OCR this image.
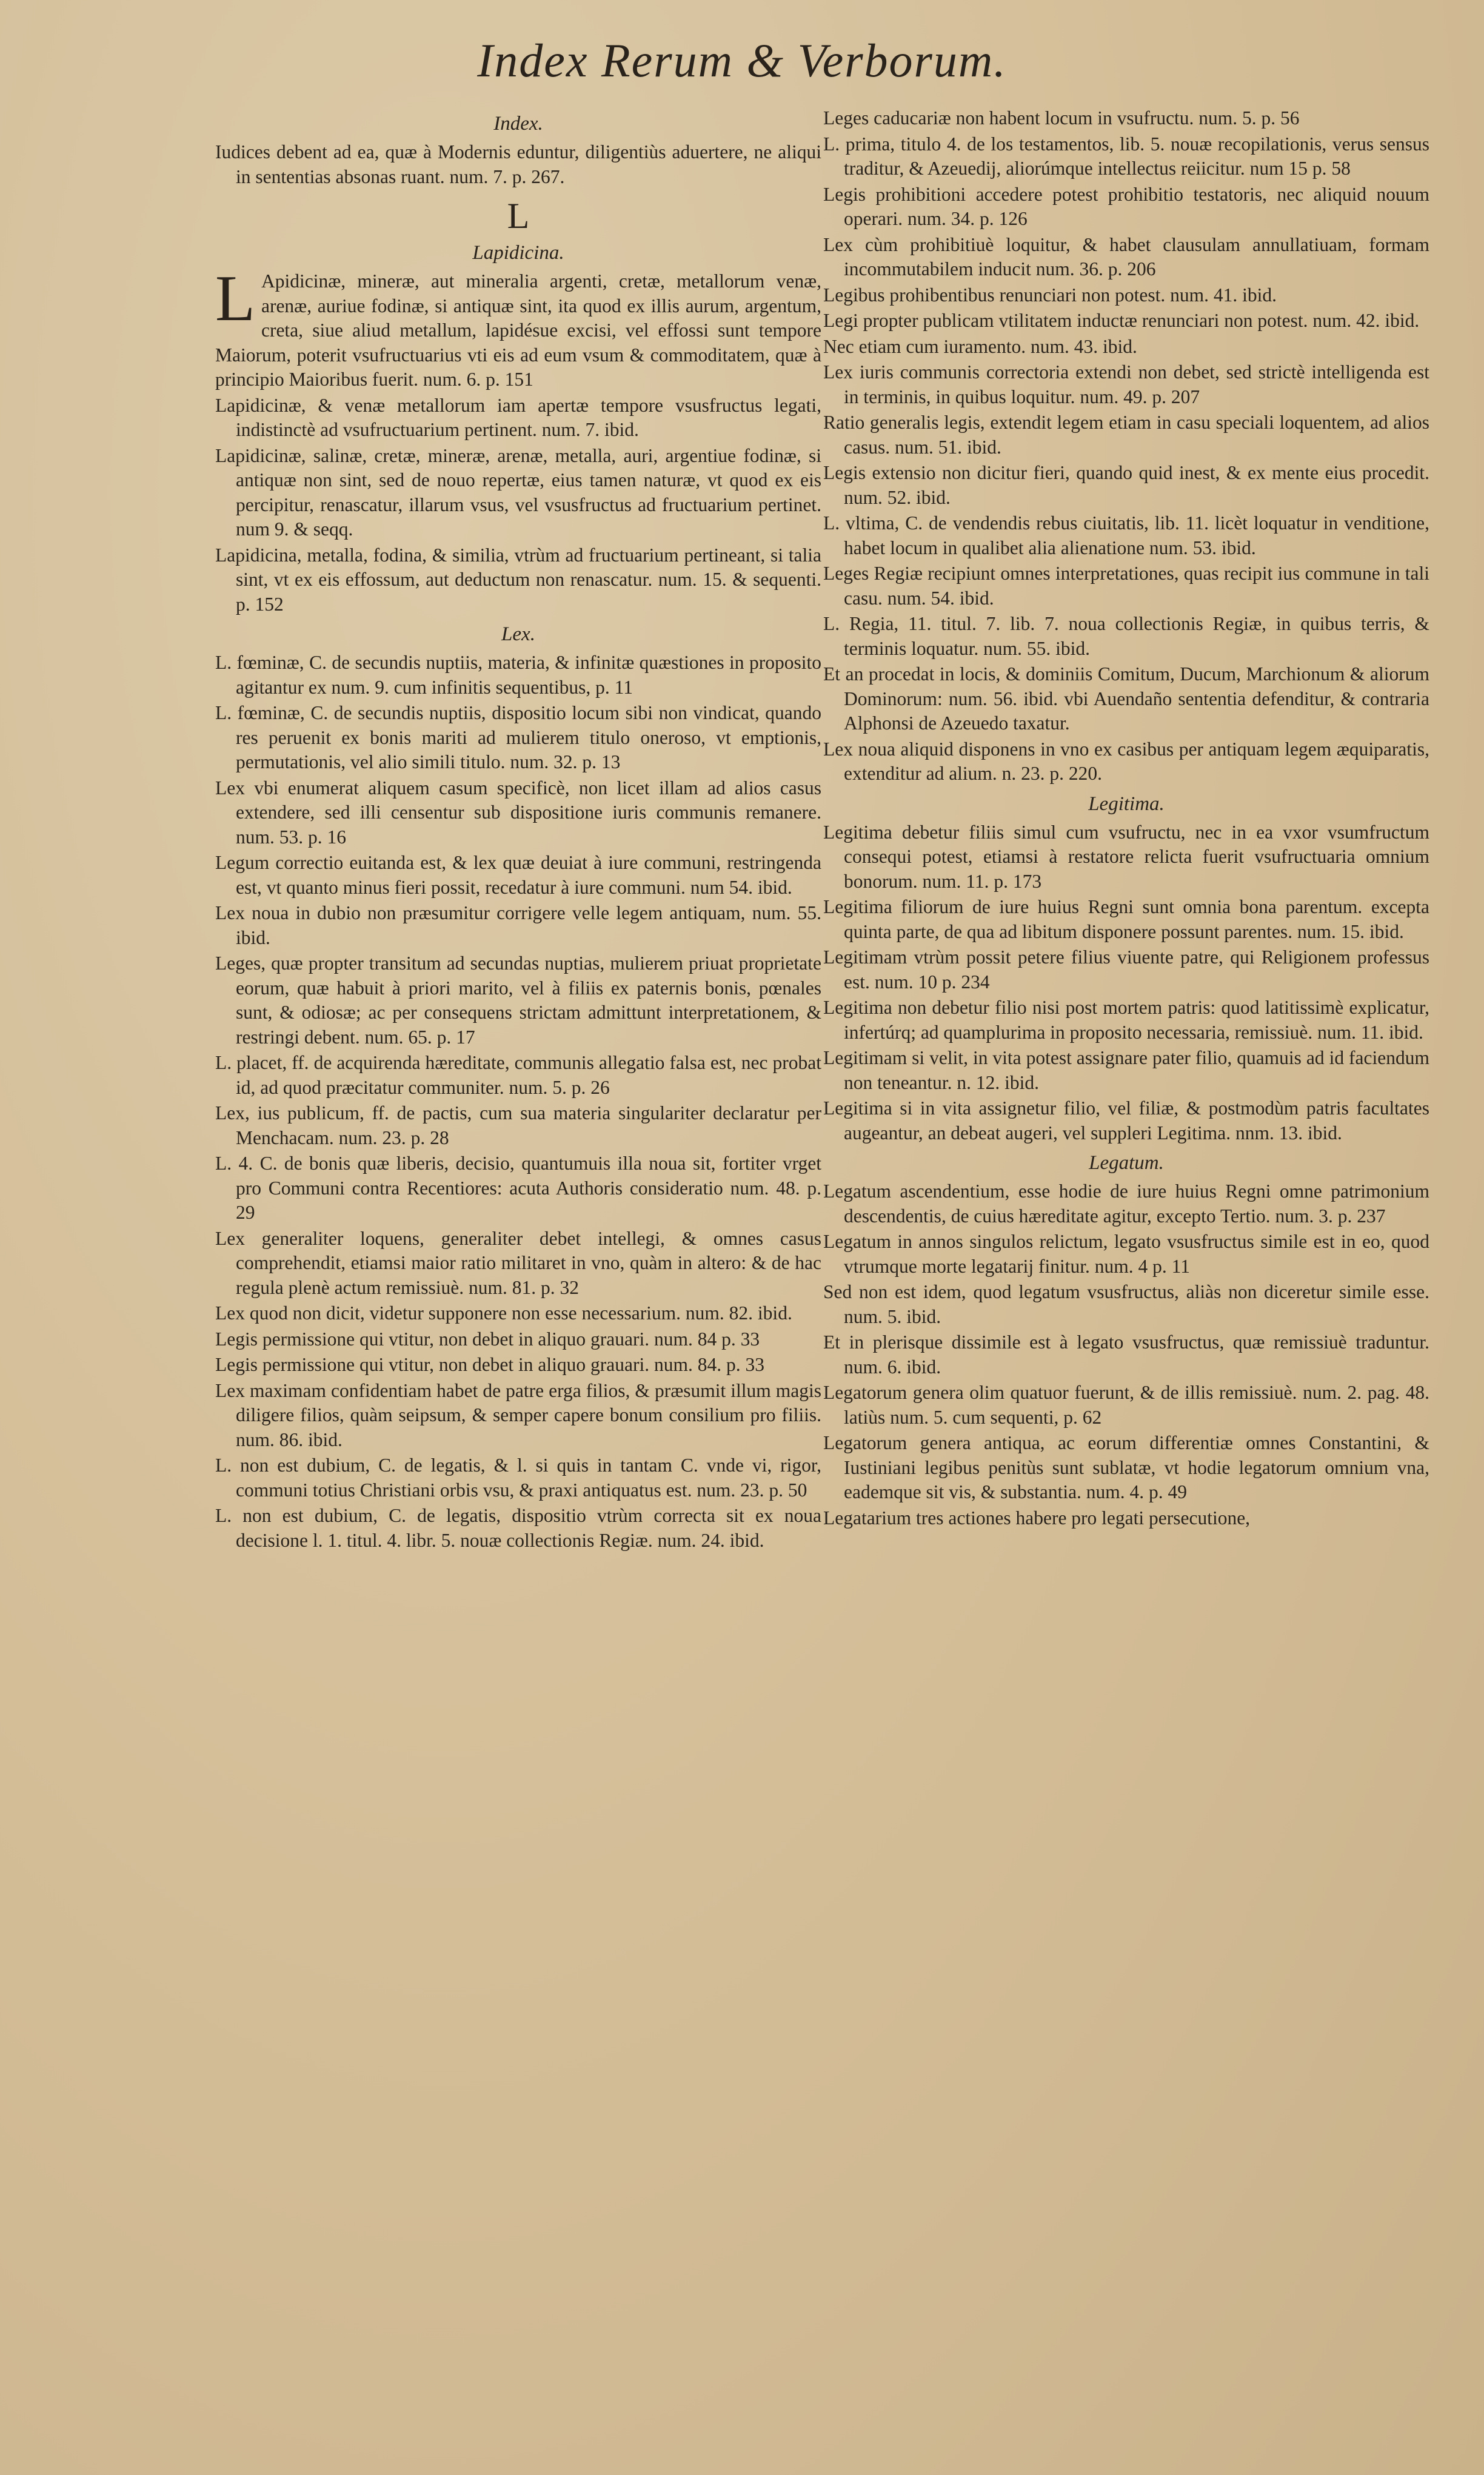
Index Rerum & Verborum.
Index.
Iudices debent ad ea, quæ à Modernis eduntur, diligentiùs aduertere, ne aliqui in sententias absonas ruant. num. 7. p. 267.
L
Lapidicina.
L Apidicinæ, mineræ, aut mineralia argenti, cretæ, metallorum venæ, arenæ, auriue fodinæ, si antiquæ sint, ita quod ex illis aurum, argentum, creta, siue aliud metallum, lapidésue excisi, vel effossi sunt tempore Maiorum, poterit vsufructuarius vti eis ad eum vsum & commoditatem, quæ à principio Maioribus fuerit. num. 6. p. 151
Lapidicinæ, & venæ metallorum iam apertæ tempore vsusfructus legati, indistinctè ad vsufructuarium pertinent. num. 7. ibid.
Lapidicinæ, salinæ, cretæ, mineræ, arenæ, metalla, auri, argentiue fodinæ, si antiquæ non sint, sed de nouo repertæ, eius tamen naturæ, vt quod ex eis percipitur, renascatur, illarum vsus, vel vsusfructus ad fructuarium pertinet. num 9. & seqq.
Lapidicina, metalla, fodina, & similia, vtrùm ad fructuarium pertineant, si talia sint, vt ex eis effossum, aut deductum non renascatur. num. 15. & sequenti. p. 152
Lex.
L. fœminæ, C. de secundis nuptiis, materia, & infinitæ quæstiones in proposito agitantur ex num. 9. cum infinitis sequentibus, p. 11
L. fœminæ, C. de secundis nuptiis, dispositio locum sibi non vindicat, quando res peruenit ex bonis mariti ad mulierem titulo oneroso, vt emptionis, permutationis, vel alio simili titulo. num. 32. p. 13
Lex vbi enumerat aliquem casum specificè, non licet illam ad alios casus extendere, sed illi censentur sub dispositione iuris communis remanere. num. 53. p. 16
Legum correctio euitanda est, & lex quæ deuiat à iure communi, restringenda est, vt quanto minus fieri possit, recedatur à iure communi. num 54. ibid.
Lex noua in dubio non præsumitur corrigere velle legem antiquam, num. 55. ibid.
Leges, quæ propter transitum ad secundas nuptias, mulierem priuat proprietate eorum, quæ habuit à priori marito, vel à filiis ex paternis bonis, pœnales sunt, & odiosæ; ac per consequens strictam admittunt interpretationem, & restringi debent. num. 65. p. 17
L. placet, ff. de acquirenda hæreditate, communis allegatio falsa est, nec probat id, ad quod præcitatur communiter. num. 5. p. 26
Lex, ius publicum, ff. de pactis, cum sua materia singulariter declaratur per Menchacam. num. 23. p. 28
L. 4. C. de bonis quæ liberis, decisio, quantumuis illa noua sit, fortiter vrget pro Communi contra Recentiores: acuta Authoris consideratio num. 48. p. 29
Lex generaliter loquens, generaliter debet intellegi, & omnes casus comprehendit, etiamsi maior ratio militaret in vno, quàm in altero: & de hac regula plenè actum remissiuè. num. 81. p. 32
Lex quod non dicit, videtur supponere non esse necessarium. num. 82. ibid.
Legis permissione qui vtitur, non debet in aliquo grauari. num. 84 p. 33
Legis permissione qui vtitur, non debet in aliquo grauari. num. 84. p. 33
Lex maximam confidentiam habet de patre erga filios, & præsumit illum magis diligere filios, quàm seipsum, & semper capere bonum consilium pro filiis. num. 86. ibid.
L. non est dubium, C. de legatis, & l. si quis in tantam C. vnde vi, rigor, communi totius Christiani orbis vsu, & praxi antiquatus est. num. 23. p. 50
L. non est dubium, C. de legatis, dispositio vtrùm correcta sit ex noua decisione l. 1. titul. 4. libr. 5. nouæ collectionis Regiæ. num. 24. ibid.
Leges caducariæ non habent locum in vsufructu. num. 5. p. 56
L. prima, titulo 4. de los testamentos, lib. 5. nouæ recopilationis, verus sensus traditur, & Azeuedij, aliorúmque intellectus reiicitur. num 15 p. 58
Legis prohibitioni accedere potest prohibitio testatoris, nec aliquid nouum operari. num. 34. p. 126
Lex cùm prohibitiuè loquitur, & habet clausulam annullatiuam, formam incommutabilem inducit num. 36. p. 206
Legibus prohibentibus renunciari non potest. num. 41. ibid.
Legi propter publicam vtilitatem inductæ renunciari non potest. num. 42. ibid.
Nec etiam cum iuramento. num. 43. ibid.
Lex iuris communis correctoria extendi non debet, sed strictè intelligenda est in terminis, in quibus loquitur. num. 49. p. 207
Ratio generalis legis, extendit legem etiam in casu speciali loquentem, ad alios casus. num. 51. ibid.
Legis extensio non dicitur fieri, quando quid inest, & ex mente eius procedit. num. 52. ibid.
L. vltima, C. de vendendis rebus ciuitatis, lib. 11. licèt loquatur in venditione, habet locum in qualibet alia alienatione num. 53. ibid.
Leges Regiæ recipiunt omnes interpretationes, quas recipit ius commune in tali casu. num. 54. ibid.
L. Regia, 11. titul. 7. lib. 7. noua collectionis Regiæ, in quibus terris, & terminis loquatur. num. 55. ibid.
Et an procedat in locis, & dominiis Comitum, Ducum, Marchionum & aliorum Dominorum: num. 56. ibid. vbi Auendaño sententia defenditur, & contraria Alphonsi de Azeuedo taxatur.
Lex noua aliquid disponens in vno ex casibus per antiquam legem æquiparatis, extenditur ad alium. n. 23. p. 220.
Legitima.
Legitima debetur filiis simul cum vsufructu, nec in ea vxor vsumfructum consequi potest, etiamsi à restatore relicta fuerit vsufructuaria omnium bonorum. num. 11. p. 173
Legitima filiorum de iure huius Regni sunt omnia bona parentum. excepta quinta parte, de qua ad libitum disponere possunt parentes. num. 15. ibid.
Legitimam vtrùm possit petere filius viuente patre, qui Religionem professus est. num. 10 p. 234
Legitima non debetur filio nisi post mortem patris: quod latitissimè explicatur, infertúrq; ad quamplurima in proposito necessaria, remissiuè. num. 11. ibid.
Legitimam si velit, in vita potest assignare pater filio, quamuis ad id faciendum non teneantur. n. 12. ibid.
Legitima si in vita assignetur filio, vel filiæ, & postmodùm patris facultates augeantur, an debeat augeri, vel suppleri Legitima. nnm. 13. ibid.
Legatum.
Legatum ascendentium, esse hodie de iure huius Regni omne patrimonium descendentis, de cuius hæreditate agitur, excepto Tertio. num. 3. p. 237
Legatum in annos singulos relictum, legato vsusfructus simile est in eo, quod vtrumque morte legatarij finitur. num. 4 p. 11
Sed non est idem, quod legatum vsusfructus, aliàs non diceretur simile esse. num. 5. ibid.
Et in plerisque dissimile est à legato vsusfructus, quæ remissiuè traduntur. num. 6. ibid.
Legatorum genera olim quatuor fuerunt, & de illis remissiuè. num. 2. pag. 48. latiùs num. 5. cum sequenti, p. 62
Legatorum genera antiqua, ac eorum differentiæ omnes Constantini, & Iustiniani legibus penitùs sunt sublatæ, vt hodie legatorum omnium vna, eademque sit vis, & substantia. num. 4. p. 49
Legatarium tres actiones habere pro legati persecutione,
